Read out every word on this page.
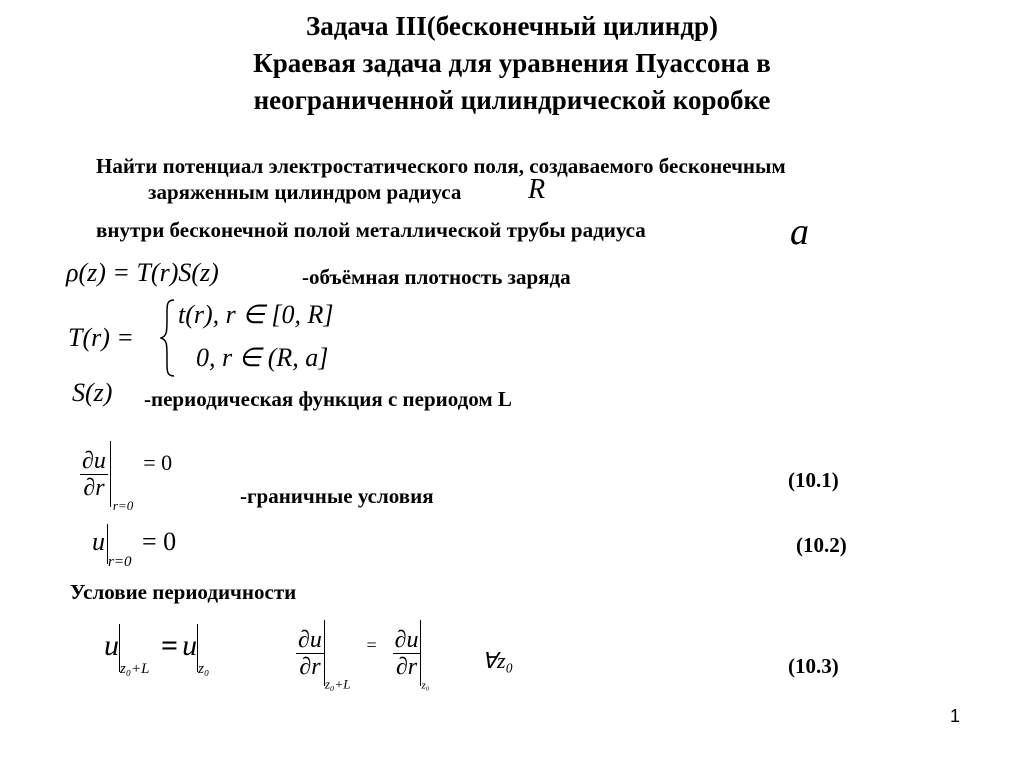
Задача III(бесконечный цилиндр)
Краевая задача для уравнения Пуассона в
неограниченной цилиндрической коробке
Найти потенциал электростатического поля, создаваемого бесконечным
заряженным цилиндром радиуса R
внутри бесконечной полой металлической трубы радиуса	a
ρ(z) = T(r)S(z)	-объёмная плотность заряда
T(r) =
t(r), r ∈ [0, R]
0, r ∈ (R, a]
S(z) -периодическая функция с периодом L
$\frac{\partial u}{\partial r}$
$_{r=0}$ = 0
-граничные условия
(10.1)
$u_{r=0} = 0$	(10.2)
Условие периодичности
$u_{z_0+L} = u_{z_0}$	$\frac{\partial u}{\partial r}$
$_{z_0+L}$ $^= \frac{\partial u}{\partial r}$
$_{z_0}$
∀z₀	(10.3)
1
